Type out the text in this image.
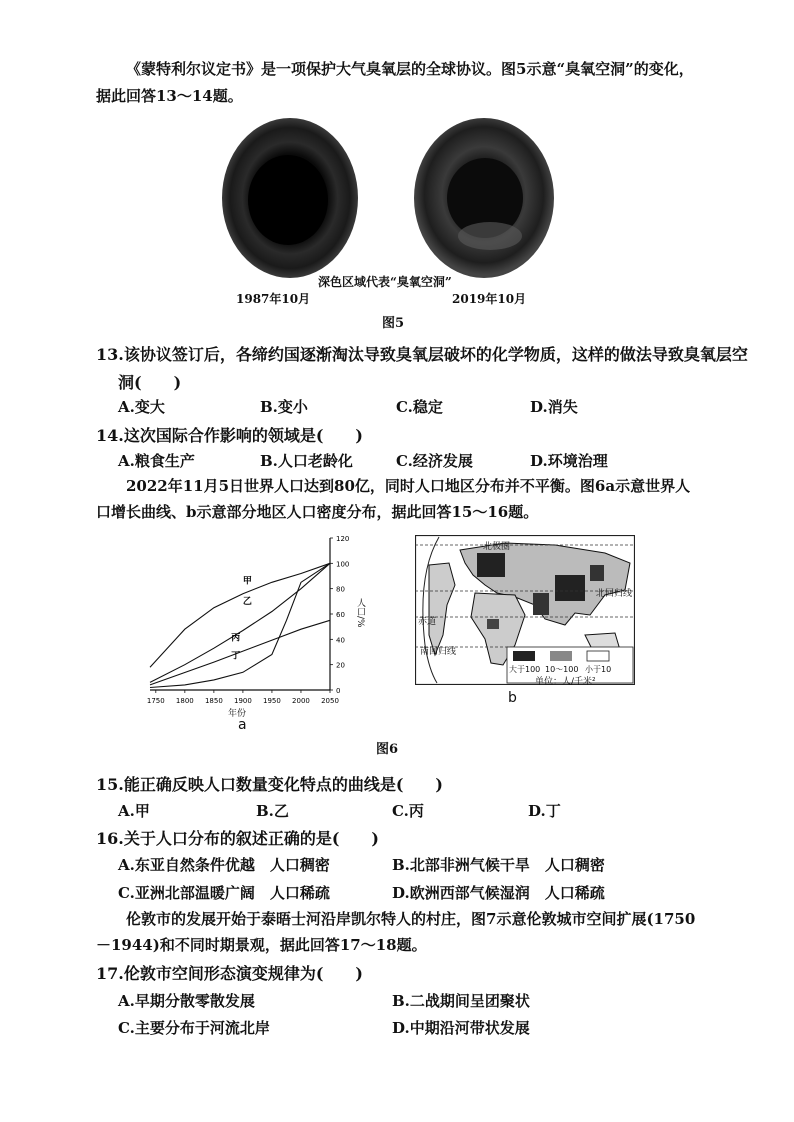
《蒙特利尔议定书》是一项保护大气臭氧层的全球协议。图5示意“臭氧空洞”的变化，
据此回答13～14题。
深色区域代表“臭氧空洞”
1987年10月	2019年10月
图5
13.该协议签订后，各缔约国逐渐淘汰导致臭氧层破坏的化学物质，这样的做法导致臭氧层空
洞(　　)
A.变大	B.变小	C.稳定	D.消失
14.这次国际合作影响的领域是(　　)
A.粮食生产	B.人口老龄化	C.经济发展	D.环境治理
2022年11月5日世界人口达到80亿，同时人口地区分布并不平衡。图6a示意世界人
口增长曲线、b示意部分地区人口密度分布，据此回答15～16题。
1750 1800 1850 1900 1950 2000 2050
0
20
40
60
80
100
120
甲
乙
丙
丁
年份
人口/%
a
北极圈
北回归线
赤道
南回归线
大于100 10～100 小于10
单位：人/千米²
b
图6
15.能正确反映人口数量变化特点的曲线是(　　)
A.甲	B.乙	C.丙	D.丁
16.关于人口分布的叙述正确的是(　　)
A.东亚自然条件优越　人口稠密	B.北部非洲气候干旱　人口稠密
C.亚洲北部温暖广阔　人口稀疏	D.欧洲西部气候湿润　人口稀疏
伦敦市的发展开始于泰晤士河沿岸凯尔特人的村庄，图7示意伦敦城市空间扩展(1750
－1944)和不同时期景观，据此回答17～18题。
17.伦敦市空间形态演变规律为(　　)
A.早期分散零散发展	B.二战期间呈团聚状
C.主要分布于河流北岸	D.中期沿河带状发展
